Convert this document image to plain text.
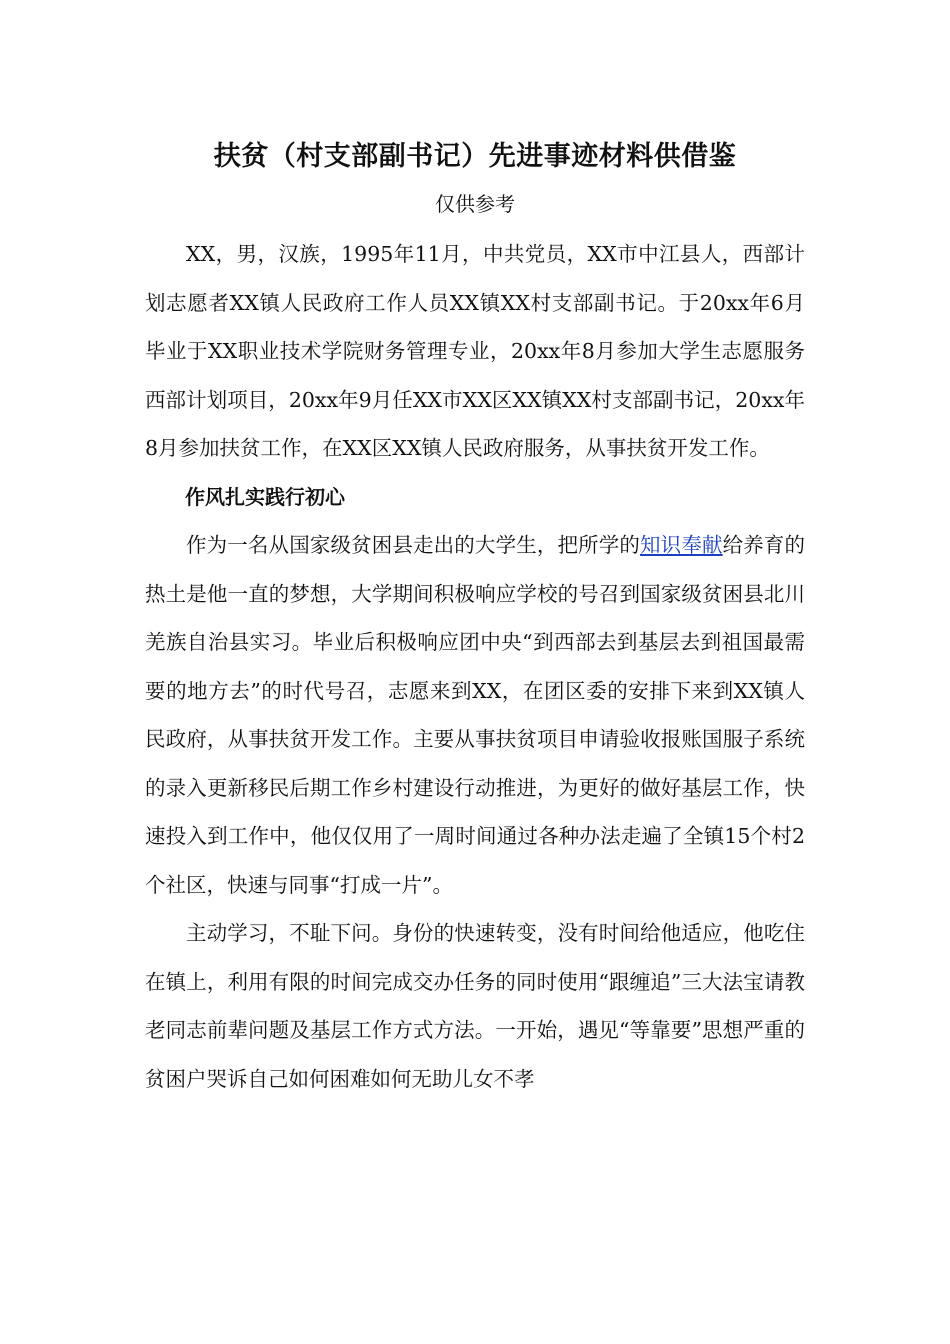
扶贫（村支部副书记）先进事迹材料供借鉴
仅供参考

XX，男，汉族，1995年11月，中共党员，XX市中江县人，西部计划志愿者XX镇人民政府工作人员XX镇XX村支部副书记。于20xx年6月毕业于XX职业技术学院财务管理专业，20xx年8月参加大学生志愿服务西部计划项目，20xx年9月任XX市XX区XX镇XX村支部副书记，20xx年8月参加扶贫工作，在XX区XX镇人民政府服务，从事扶贫开发工作。

作风扎实践行初心

作为一名从国家级贫困县走出的大学生，把所学的知识奉献给养育的热土是他一直的梦想，大学期间积极响应学校的号召到国家级贫困县北川羌族自治县实习。毕业后积极响应团中央“到西部去到基层去到祖国最需要的地方去”的时代号召，志愿来到XX，在团区委的安排下来到XX镇人民政府，从事扶贫开发工作。主要从事扶贫项目申请验收报账国服子系统的录入更新移民后期工作乡村建设行动推进，为更好的做好基层工作，快速投入到工作中，他仅仅用了一周时间通过各种办法走遍了全镇15个村2个社区，快速与同事“打成一片”。

主动学习，不耻下问。身份的快速转变，没有时间给他适应，他吃住在镇上，利用有限的时间完成交办任务的同时使用“跟缠追”三大法宝请教老同志前辈问题及基层工作方式方法。一开始，遇见“等靠要”思想严重的贫困户哭诉自己如何困难如何无助儿女不孝
